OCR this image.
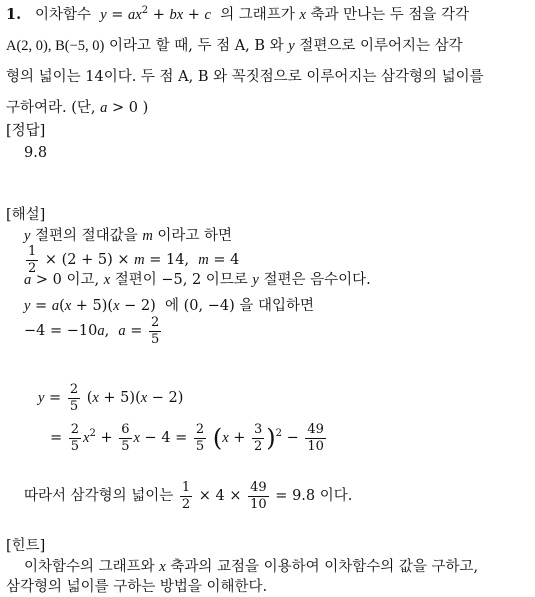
1. 이차함수 $y = ax^2$ + bx + c 의 그래프가 x 축과 만나는 두 점을 각각
A(2, 0), B(−5, 0) 이라고 할 때, 두 점 A, B 와 y 절편으로 이루어지는 삼각
형의 넓이는 14이다. 두 점 A, B 와 꼭짓점으로 이루어지는 삼각형의 넓이를
구하여라. (단, a > 0 )
[정답]
9.8
[해설]
y 절편의 절대값을 m 이라고 하면
$\frac{1}{2} \times (2 + 5) \times m = 14$,  m = 4
a > 0 이고, x 절편이 −5, 2 이므로 y 절편은 음수이다.
y = a(x + 5)(x − 2)  에 (0, −4) 을 대입하면
−4 = −10a,  $a = \frac{2}{5}$
$y = \frac{2}{5} (x + 5)(x - 2)$
= $\frac{2}{5} x^2 + \frac{6}{5}$ $x - 4 = \frac{2}{5} (x + \frac{3}{2} )^2 - \frac{49}{10}$
따라서 삼각형의 넓이는 $\frac{1}{2} \times 4 \times \frac{49}{10} = 9.8$ 이다.
[힌트]
이차함수의 그래프와 x 축과의 교점을 이용하여 이차함수의 값을 구하고,
삼각형의 넓이를 구하는 방법을 이해한다.
